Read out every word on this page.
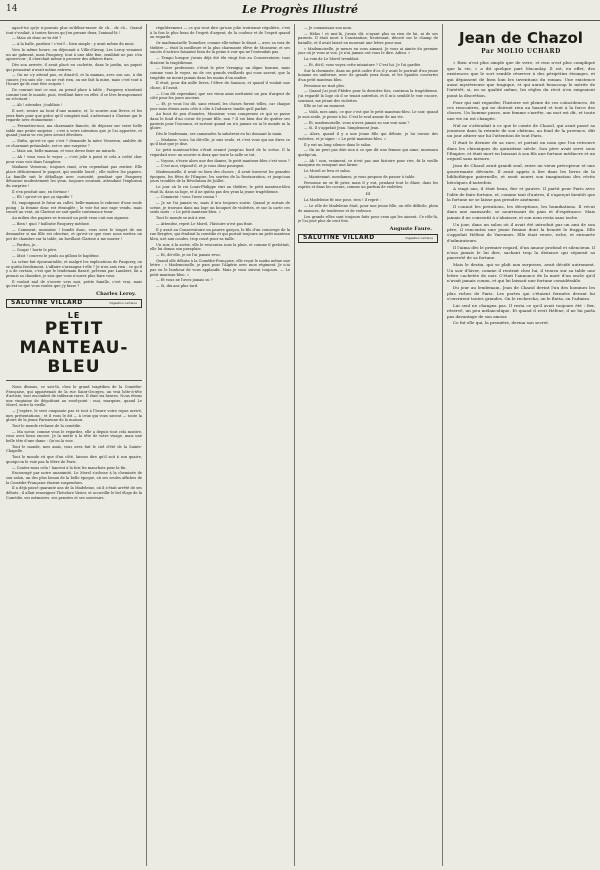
14	Le Progrès Illustré

agacé-toi qu'je n'pouvais plus m'débar-rasser de ch... de ch... Quand tout s'voulait, à toutes forces qu'j'en prenne deux, l'animal-là !

— Mais où donc as-tu été ?

— A la halle, pardieu ! c'est f... bien simple : y avait même du mois.

Vers la même heure, on déjeunait à Ville-d'Avray. Les Leroy venaient un air gaîment, mais Pasquery, tout à une idée fixe, semblait ne pas s'en apercevoir ; il cherchait même à prouver des affaires fixes.

Dès son arrivée, il avait placé en cachette, dans le jardin, un piquet qui pensaient n'avait même entrevu.

— On ne s'y attend pas, se disait-il, et la maman, avec son sac, à dix causer, j'en suis sûr ; on ne voit rien, on me fait la mine, mais c'est tout à l'heure qu'ils vont être surpris !

De courant tout ce moi, on prend place à table ; Pasquery n'insérait comme tout le monde, puis, éveillant faire en effet, il se lève brusquement en s'écriant :

— Ah ! attendez, j'oubliais !

Il sort, rentre au bout d'une minute, et, le sourire aux lèvres et les yeux fixés pour que grâce qu'il comptait mal, s'adressant à Clarisse qui le regarde avec étonnement :

— Permettez-moi, ma charmante fiancée, de déposer sur votre belle table une petite surprise ; c'est à votre intention que je l'ai apportée, et quand j'aurai vu vos joies seront dévolues.

— Enfin, qu'est-ce que c'est ? demande la mère Vesseron, amblée de ce charmant préambule, est-ce une surprise ?

— Mais oui, belle-maman, et vous devez faire un miracle.

— Ah ! vous vous le voyez — c'est jolie à point et cela a coûté cher pour vous voir dans l'ampleur.

Madame Vesseron, toujours riant, n'en cependant pas rentier. Elle place délicatement le paquet, qui semble lourd ; elle enlève les papiers. La famille suit le déballage avec curiosité, pendant que Pasquery détourne modestement les yeux, toujours souriant, attendant l'explosion du surprise !

Il s'en produit une, en fortune !

— Eh ! qu'est-ce que ça signifie ?

Et, empoignant le futur au collet, belle-maman le rabroue d'une seule poing ; la femme donc est étranglée ; le voir fut une rage vendu, mais trouvé au vent, où Clarisse ne sait quelle contenance tenir.

Au milieu des papiers se trouvait un petit veau cuit aux oignons.

— Bien ! quoi ? balbutie Pasquery médusé.

— Comment, monsieur ! bondit donc, vous avez le toupet de me demander si ma fille est obscène, et qu'est-ce que vous nous mettez un pot de chambre sur la table, un bovillant Clarisse à me marier !

— Pardon, je...

— Goujat ! horte le père.

— Idiot ! courrez le pouls au gilloux le baptême.

La scène fait épouvantable, et malgré les explications de Pasquery, on se quitta froidement. L'affaire s'arrangea-t-elle ? Je n'en sais rien ; ce qu'il y a de certain, c'est que le lendemain fiancé, prévenu par Lambert, lui a promis sa chambre, je sais que vous n'aurez plus faire vous.

Il voulait mal de s'ouvrir vers moi, petite famille, c'est vrai, mais qu'est-ce que vous voulez que j'y fasse ?

Charles Leroy.
SALUTINE VILLARD	Digestion certaine
LE
PETIT MANTEAU-BLEU

Nous dînions, ce soir-là, chez le grand tragédien de la Comédie-Française, qui appartenait de la rue Saint-Georges, un vrai hôte-à-tête d'artiste, tout encombré de tableaux rares. Il était six heures. Nous étions une vingtaine de dégoûtant au rond-point : moi, marquise, quand Le Morel, entre la vieille.

— J'espère, le vent cinquante pas et tout à l'heure votre repas arrivé, mes présentations ; et il vous le dit — à ceux qui vous savent — toute la gloire de la jeune Parisienne de la maison.

Tout le monde réclame de la comédie.

— Ma soeur, comme vous le regardez, elle a depuis tout cela montre, vous avez beau encore. Je la mette à la tête de votre visage, mais une belle tête d'une dame : Qu'on la voie.

Tout le monde, mes amis, vous avez fait le ciel d'été de la Sainte-Chapelle.

Tout le monde rit que d'un côté, laissez dire qu'il soit à son quatre, quoiqu'on le voie pas la Mère de Paris.

— Contez-nous cela ! lancent à la fois les manchots pour la fin.

Encouragé par notre unanimité, Le Morel s'adosse à la cheminée de son salon, un des plus beaux de la belle époque, où ses seules affiches de la Comédie-Française étaient suspendues.

Il a déjà passé quarante ans de la Madeleine, où il s'était arrêté de ses débuts ; il allait renseigner Théodore Vasier, et accueillir le bel éloge de la Comédie, ses mémoires, ses pensées et ses souvenirs.

régulièrement — ce qui veut dire qu'une jolie ivoirienne régulière, c'est à la fois le plus beau de l'esprit d'argent, de la couleur et de l'esprit quand on regarde.

Or mademoiselle Tonnelier, comme elle-même le disait — avec sa voix de théâtre — était la meilleure et la plus charmante élève de Monsieur, et ses succès d'actrice faisaient bien de la peine à voir qui ne l'entendait pas.

— Tempo lorsque j'avais déjà été élu vingt fois au Conservatoire, tous disaient la tragédienne.

— Notre professeur, c'était le père Vernigny, un digne homme, mais comme vous le voyez, un de ces grands vieillards qui vous savent, que la tragédie ne meurt jamais dans les mains d'un maître.

Il était, pour dix mille livres, l'élève de Samson, et quand il voulait une chose, il l'avait.

— L'on dit cependant, que ses vieux amis mettaient un peu d'argent de côté pour les jours anciens.

— Et, je vous l'ai dit, sans retard, les choses furent telles, car chaque jour nous étions assis côte à côte à l'admirer, tandis qu'il parlait.

Au bout de peu d'années, Monsieur, vous comprenez ce qui se passe dans le fond d'un coeur de jeune fille, non ? Il est bien dur de quitter ses parents pour l'inconnu, et surtout quand on n'a jamais vu ni le monde ni la gloire.

Dès le lendemain, ses camarades la saluèrent en lui donnant la main.

— Madame, voici, lui dit-elle, je suis seule, et c'est vous qui me direz ce qu'il faut que je dise.

Le petit manteau-bleu s'était avancé jusqu'au bord de la scène. Il la regardait avec un sourire si doux que toute la salle se tut.

— Voyons, s'écrie alors une des dames, le petit manteau-bleu c'est vous ?

— C'est moi, répond-il, et je vous dirai pourquoi.

Mademoiselle, il avait vu bien des choses ; il avait traversé les grandes époques, les fêtes de l'Empire, les soirées de la Restauration, et jusqu'aux jours troublés de la Révolution de Juillet.

Le jour où le roi Louis-Philippe vint au théâtre, le petit manteau-bleu était là, dans sa loge, et il ne quitta pas des yeux la jeune tragédienne.

— Comment ! vous l'avez connu ?

— Je ne l'ai jamais vu, mais il m'a toujours suivie. Quand je sortais de scène, je trouvais dans ma loge un bouquet de violettes, et sur la carte ces seuls mots : « Le petit manteau-bleu. »

Tout le monde se mit à rire.

— Attendez, reprit Le Morel, l'histoire n'est pas finie.

Il y avait au Conservatoire un pauvre garçon, le fils d'un concierge de la rue Bergère, qui étudiait la comédie et qui portait toujours un petit manteau bleu, usé aux coudes, trop court pour sa taille.

Un soir, à la sortie, elle le rencontra sous la pluie, et comme il grelottait, elle lui donna son parapluie.

— Et, dit-elle, je ne l'ai jamais revu.

Quand elle débuta à la Comédie-Française, elle reçut le matin même une lettre : « Mademoiselle, je pars pour l'Algérie avec mon régiment. Je n'ai pas eu le bonheur de vous applaudir. Mais je vous suivrai toujours. — Le petit manteau-bleu. »

— Et vous ne l'avez jamais su ?

— Si, dix ans plus tard.

— Je connaissais son nom.

— Hélas ! et moi-là, j'avais dit, n'ayant plus su rien de lui, ni de ses parents. Il était mort à Constantine, lieutenant, décoré sur le champ de bataille, et il avait laissé en mourant une lettre pour moi.

« Mademoiselle, je meurs en vous aimant. Je vous ai aimée du premier jour où je vous ai vue. Je n'ai jamais osé vous le dire. Adieu. »

La voix de Le Morel tremblait.

— Et, dit-il, vous voyez cette miniature ? C'est lui. Je l'ai gardée.

Sur la cheminée, dans un petit cadre d'or, il y avait le portrait d'un jeune homme en uniforme, avec de grands yeux doux, et les épaules couvertes d'un petit manteau bleu.

Personne ne riait plus.

— Quand j'ai joué Phèdre pour la dernière fois, continua la tragédienne, j'ai regardé la loge où il se tenait autrefois, et il m'a semblé le voir encore, souriant, me jetant des violettes.

Elle se tut un moment.

— Voilà, mes amis, ce que c'est que le petit manteau-bleu. Le soir, quand je suis seule, je pense à lui. C'est le seul amour de ma vie.

— Et, mademoiselle, vous n'avez jamais su son vrai nom ?

— Si. Il s'appelait Jean. Simplement Jean.

— Alors, quand il y a une jeune fille qui débute, je lui envoie des violettes, et je signe : « Le petit manteau-bleu. »

Il y eut un long silence dans le salon.

— On ne peut pas dire non à ce que dit une femme qui aime, murmura quelqu'un.

— Ah ! non, vraiment, ce n'est pas une histoire pour rire, fit la vieille marquise en essuyant une larme.

Le Morel se leva et salua.

— Maintenant, mesdames, je vous propose de passer à table.

Personne ne se fit prier, mais il y eut, pendant tout le dîner, dans les esprits et dans les coeurs, comme un parfum de violettes.

III

La Madeleine fit une pose, rien ! il reprit :

— Le rôle de Madeleine était, pour une jeune fille, un rôle difficile, plein de nuances, de tendresse et de violence.

Les grands rôles sont toujours faits pour ceux qui les aiment. Ce rôle-là, je l'ai joué plus de cent fois.

Auguste Faure.
SALUTINE VILLARD	Digestion certaine
Jean de Chazol
Par MOLIO UCHARD

« Rien n'est plus simple que de vivre, et rien n'est plus compliqué que la vie, » a dit quelque part Macaulay. Il est, en effet, des existences que le sort semble réserver à des péripéties étranges, et qui dépassent de bien loin les inventions du roman. Une existence aussi mystérieuse que tragique, et qui aurait beaucoup le mérite de l'intérêt, si, en sa qualité même, les règles du récit n'en exigeaient point la discrétion.

Pour qui sait regarder, l'histoire est pleine de ces coïncidences, de ces rencontres, qui ne doivent rien au hasard et tout à la force des choses. Un homme passe, une femme s'arrête, un mot est dit, et toute une vie en est changée.

Nul ne s'attendait à ce que le comte de Chazol, qui avait passé sa jeunesse dans la retraite de son château, au fond de la province, dût un jour attirer sur lui l'attention de tout Paris.

Il était le dernier de sa race, et portait un nom que l'on retrouve dans les chroniques du quinzième siècle. Son père avait servi sous l'Empire, et était mort en laissant à son fils une fortune médiocre et un orgueil sans mesure.

Jean de Chazol avait grandi seul, entre un vieux précepteur et une gouvernante dévouée. Il avait appris à lire dans les livres de la bibliothèque paternelle, et avait nourri son imagination des récits héroïques d'autrefois.

A vingt ans, il était beau, fier et pauvre. Il partit pour Paris avec l'idée de faire fortune, et, comme tant d'autres, il s'aperçut bientôt que la fortune ne se laisse pas prendre aisément.

Il connut les privations, les déceptions, les humiliations. Il vécut dans une mansarde, se nourrissant de pain et d'espérance. Mais jamais il ne consentit à s'abaisser, et son nom resta sans tache.

Un jour, dans un salon où il avait été introduit par un ami de son père, il rencontra une jeune femme dont la beauté le frappa. Elle s'appelait Hélène de Varennes. Elle était veuve, riche, et entourée d'admirateurs.

Il l'aima dès le premier regard, d'un amour profond et silencieux. Il n'osa jamais le lui dire, sachant trop la distance qui séparait sa pauvreté de sa fortune.

Mais le destin, qui se plaît aux surprises, avait décidé autrement. Un soir d'hiver, comme il rentrait chez lui, il trouva sur sa table une lettre cachetée de noir. C'était l'annonce de la mort d'un oncle qu'il n'avait jamais connu, et qui lui laissait une fortune considérable.

Du jour au lendemain, Jean de Chazol devint l'un des hommes les plus riches de Paris. Les portes qui s'étaient fermées devant lui s'ouvrirent toutes grandes. On le rechercha, on le flatta, on l'admira.

Lui seul ne changea pas. Il resta ce qu'il avait toujours été : fier, réservé, un peu mélancolique. Et quand il revit Hélène, il ne lui parla pas davantage de son amour.

Ce fut elle qui, la première, devina son secret.
